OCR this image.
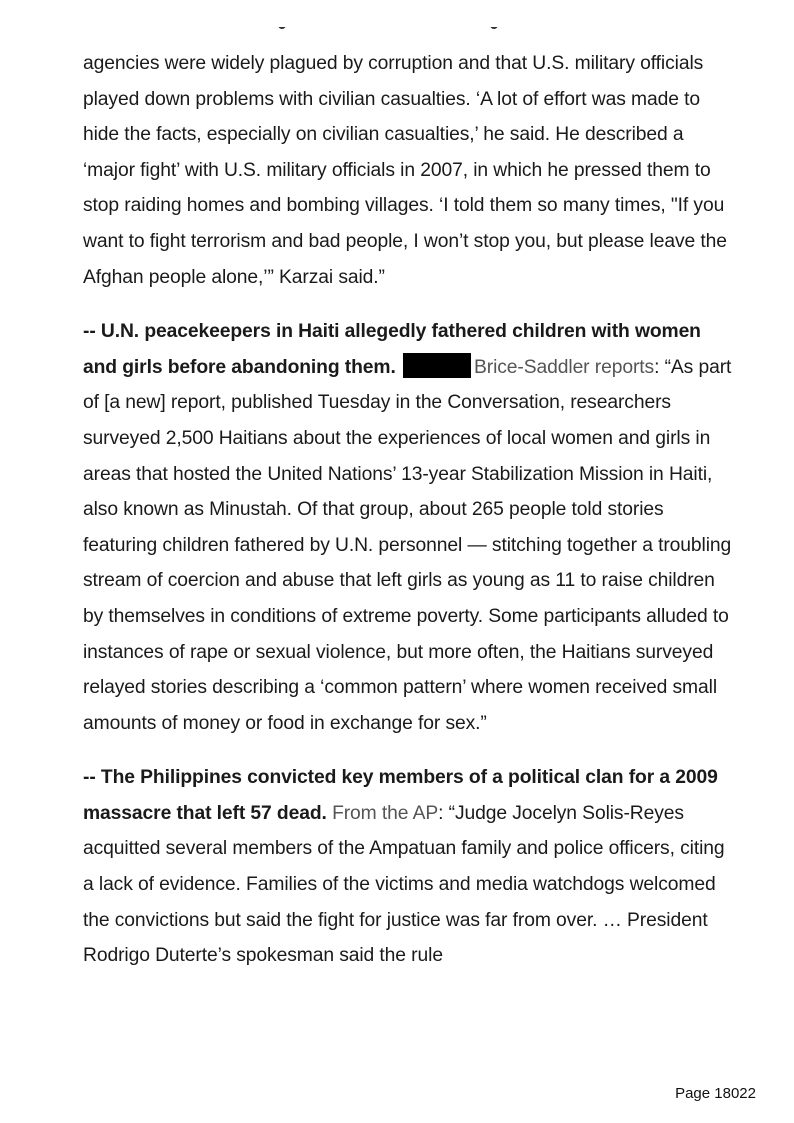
agencies were widely plagued by corruption and that U.S. military officials played down problems with civilian casualties. ‘A lot of effort was made to hide the facts, especially on civilian casualties,’ he said. He described a ‘major fight’ with U.S. military officials in 2007, in which he pressed them to stop raiding homes and bombing villages. ‘I told them so many times, "If you want to fight terrorism and bad people, I won’t stop you, but please leave the Afghan people alone,’” Karzai said.”

-- U.N. peacekeepers in Haiti allegedly fathered children with women and girls before abandoning them.	Brice-Saddler reports: “As part of [a new] report, published Tuesday in the Conversation, researchers surveyed 2,500 Haitians about the experiences of local women and girls in areas that hosted the United Nations’ 13-year Stabilization Mission in Haiti, also known as Minustah. Of that group, about 265 people told stories featuring children fathered by U.N. personnel — stitching together a troubling stream of coercion and abuse that left girls as young as 11 to raise children by themselves in conditions of extreme poverty. Some participants alluded to instances of rape or sexual violence, but more often, the Haitians surveyed relayed stories describing a ‘common pattern’ where women received small amounts of money or food in exchange for sex.”

-- The Philippines convicted key members of a political clan for a 2009 massacre that left 57 dead. From the AP: “Judge Jocelyn Solis-Reyes acquitted several members of the Ampatuan family and police officers, citing a lack of evidence. Families of the victims and media watchdogs welcomed the convictions but said the fight for justice was far from over. … President Rodrigo Duterte’s spokesman said the rule

Page 18022
